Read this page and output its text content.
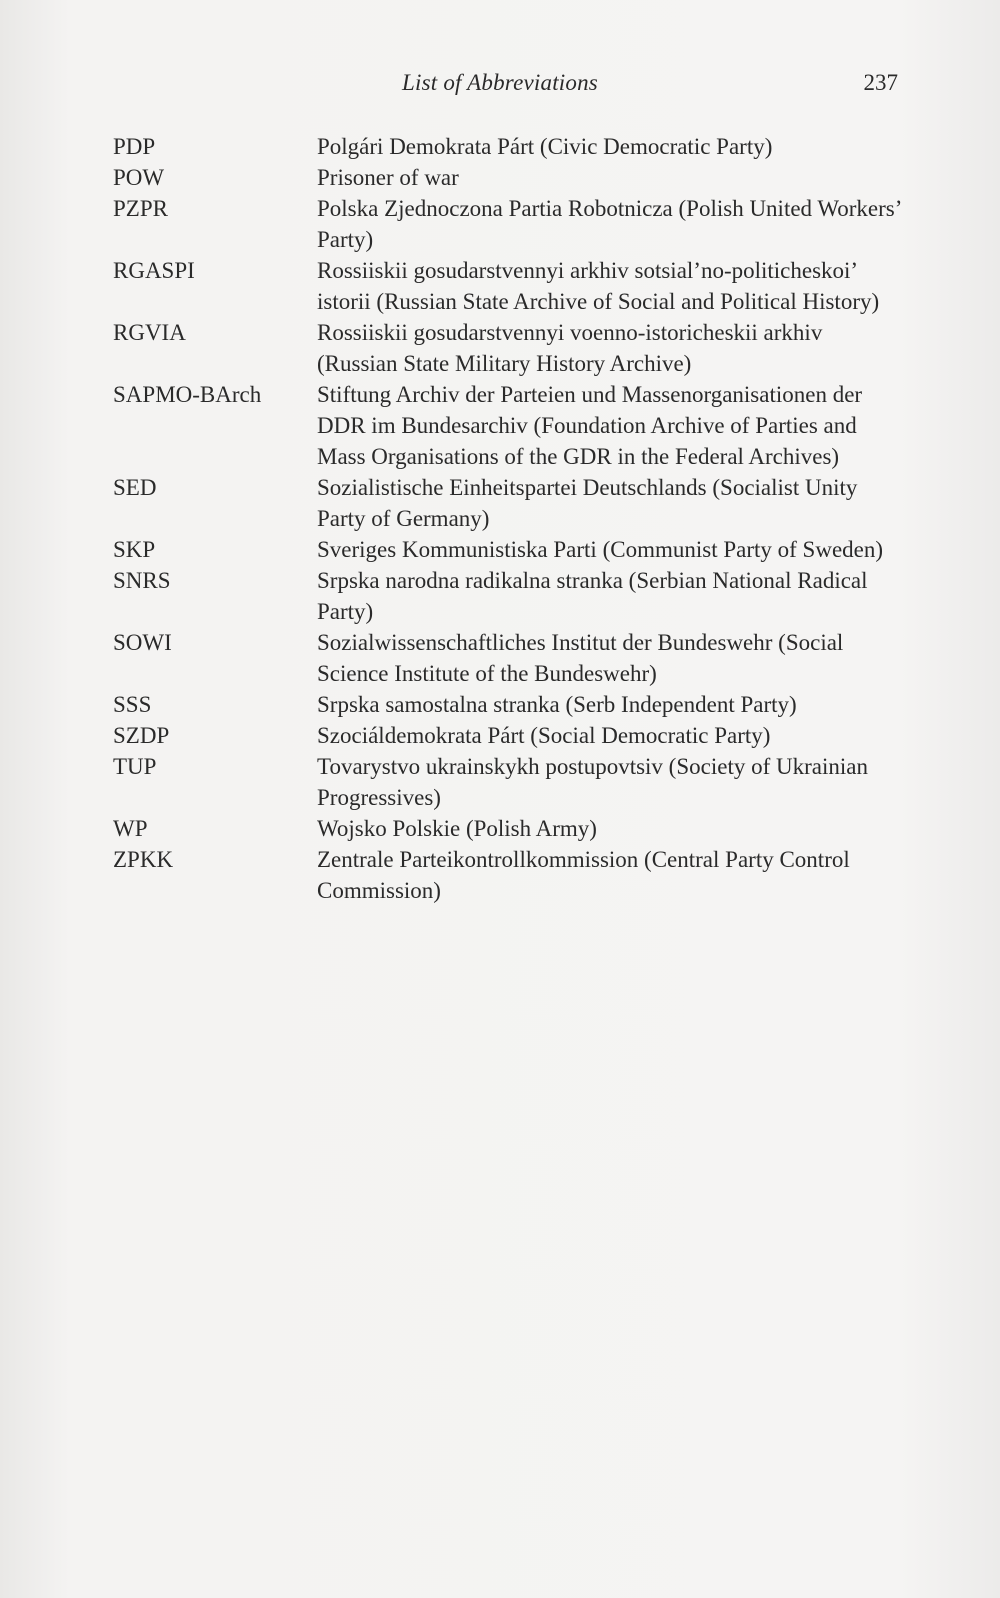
List of Abbreviations	237
PDP	Polgári Demokrata Párt (Civic Democratic Party)
POW	Prisoner of war
PZPR	Polska Zjednoczona Partia Robotnicza (Polish United Workers’ Party)
RGASPI	Rossiiskii gosudarstvennyi arkhiv sotsial’no-politicheskoi’ istorii (Russian State Archive of Social and Political History)
RGVIA	Rossiiskii gosudarstvennyi voenno-istoricheskii arkhiv (Russian State Military History Archive)
SAPMO-BArch	Stiftung Archiv der Parteien und Massenorganisationen der DDR im Bundesarchiv (Foundation Archive of Parties and Mass Organisations of the GDR in the Federal Archives)
SED	Sozialistische Einheitspartei Deutschlands (Socialist Unity Party of Germany)
SKP	Sveriges Kommunistiska Parti (Communist Party of Sweden)
SNRS	Srpska narodna radikalna stranka (Serbian National Radical Party)
SOWI	Sozialwissenschaftliches Institut der Bundeswehr (Social Science Institute of the Bundeswehr)
SSS	Srpska samostalna stranka (Serb Independent Party)
SZDP	Szociáldemokrata Párt (Social Democratic Party)
TUP	Tovarystvo ukrainskykh postupovtsiv (Society of Ukrainian Progressives)
WP	Wojsko Polskie (Polish Army)
ZPKK	Zentrale Parteikontrollkommission (Central Party Control Commission)
